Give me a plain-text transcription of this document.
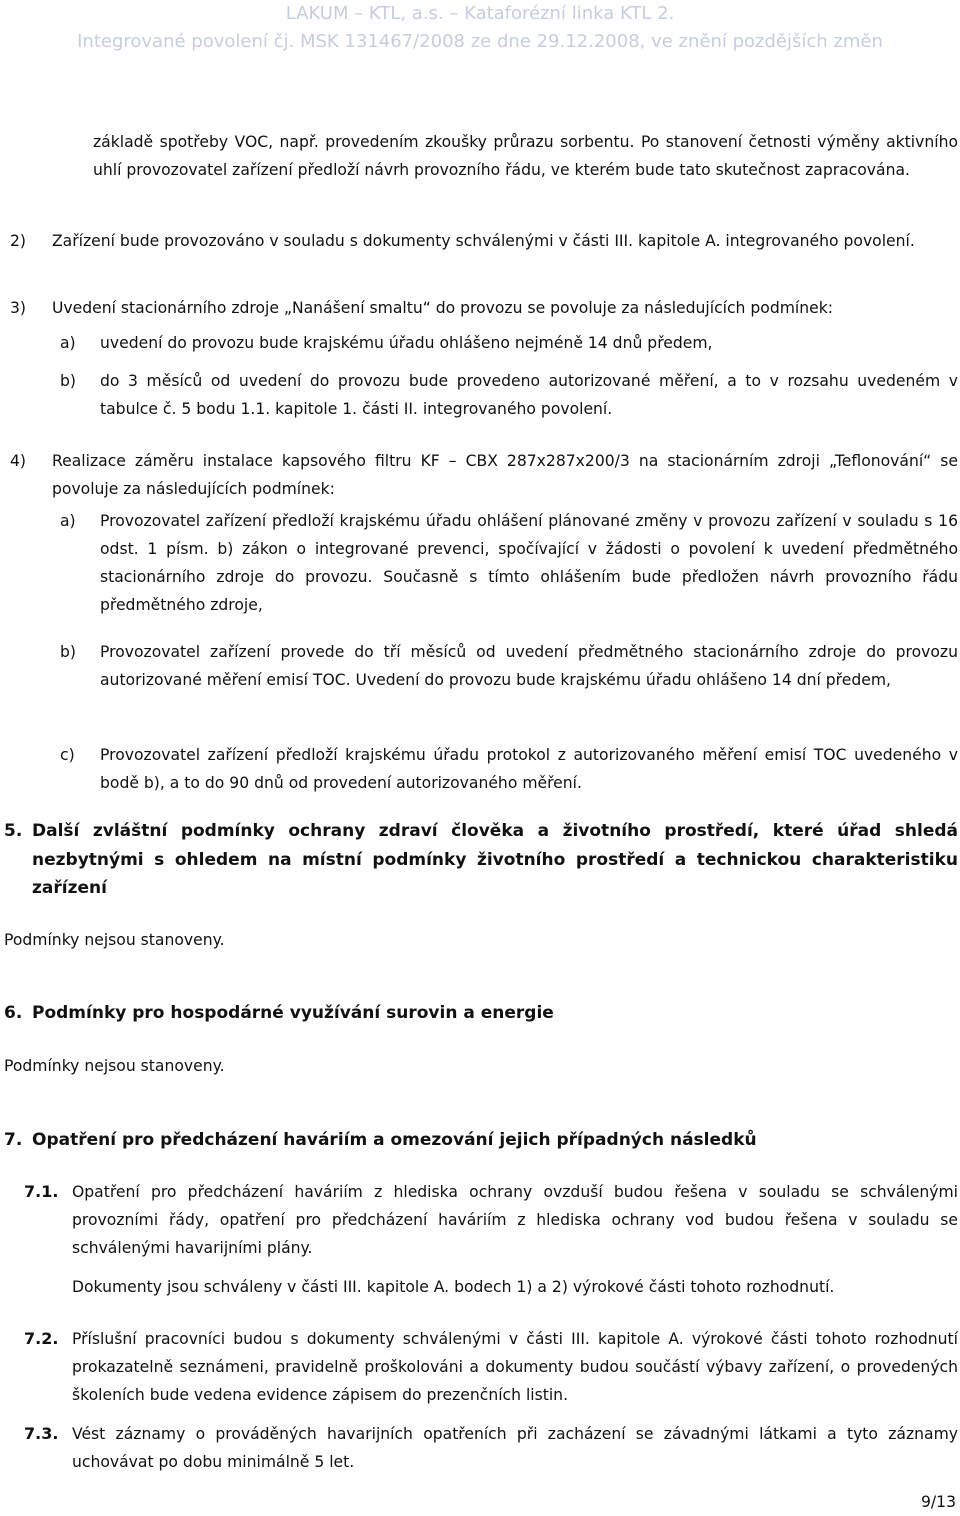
LAKUM – KTL, a.s. – Kataforézní linka KTL 2.
Integrované povolení čj. MSK 131467/2008 ze dne 29.12.2008, ve znění pozdějších změn

základě spotřeby VOC, např. provedením zkoušky průrazu sorbentu. Po stanovení četnosti výměny aktivního uhlí provozovatel zařízení předloží návrh provozního řádu, ve kterém bude tato skutečnost zapracována.

2)	Zařízení bude provozováno v souladu s dokumenty schválenými v části III. kapitole A. integrovaného povolení.

3) Uvedení stacionárního zdroje „Nanášení smaltu“ do provozu se povoluje za následujících podmínek:

a) uvedení do provozu bude krajskému úřadu ohlášeno nejméně 14 dnů předem,

b) do 3 měsíců od uvedení do provozu bude provedeno autorizované měření, a to v rozsahu uvedeném v tabulce č. 5 bodu 1.1. kapitole 1. části II. integrovaného povolení.

4) Realizace záměru instalace kapsového filtru KF – CBX 287x287x200/3 na stacionárním zdroji „Teflonování“ se povoluje za následujících podmínek:

a) Provozovatel zařízení předloží krajskému úřadu ohlášení plánované změny v provozu zařízení v souladu s 16 odst. 1 písm. b) zákon o integrované prevenci, spočívající v žádosti o povolení k uvedení předmětného stacionárního zdroje do provozu. Současně s tímto ohlášením bude předložen návrh provozního řádu předmětného zdroje,

b) Provozovatel zařízení provede do tří měsíců od uvedení předmětného stacionárního zdroje do provozu autorizované měření emisí TOC. Uvedení do provozu bude krajskému úřadu ohlášeno 14 dní předem,

c) Provozovatel zařízení předloží krajskému úřadu protokol z autorizovaného měření emisí TOC uvedeného v bodě b), a to do 90 dnů od provedení autorizovaného měření.

5. Další zvláštní podmínky ochrany zdraví člověka a životního prostředí, které úřad shledá nezbytnými s ohledem na místní podmínky životního prostředí a technickou charakteristiku zařízení

Podmínky nejsou stanoveny.

6. Podmínky pro hospodárné využívání surovin a energie

Podmínky nejsou stanoveny.

7. Opatření pro předcházení haváriím a omezování jejich případných následků

7.1. Opatření pro předcházení haváriím z hlediska ochrany ovzduší budou řešena v souladu se schválenými provozními řády, opatření pro předcházení haváriím z hlediska ochrany vod budou řešena v souladu se schválenými havarijními plány.

Dokumenty jsou schváleny v části III. kapitole A. bodech 1) a 2) výrokové části tohoto rozhodnutí.

7.2. Příslušní pracovníci budou s dokumenty schválenými v části III. kapitole A. výrokové části tohoto rozhodnutí prokazatelně seznámeni, pravidelně proškolováni a dokumenty budou součástí výbavy zařízení, o provedených školeních bude vedena evidence zápisem do prezenčních listin.

7.3. Vést záznamy o prováděných havarijních opatřeních při zacházení se závadnými látkami a tyto záznamy uchovávat po dobu minimálně 5 let.

9/13
